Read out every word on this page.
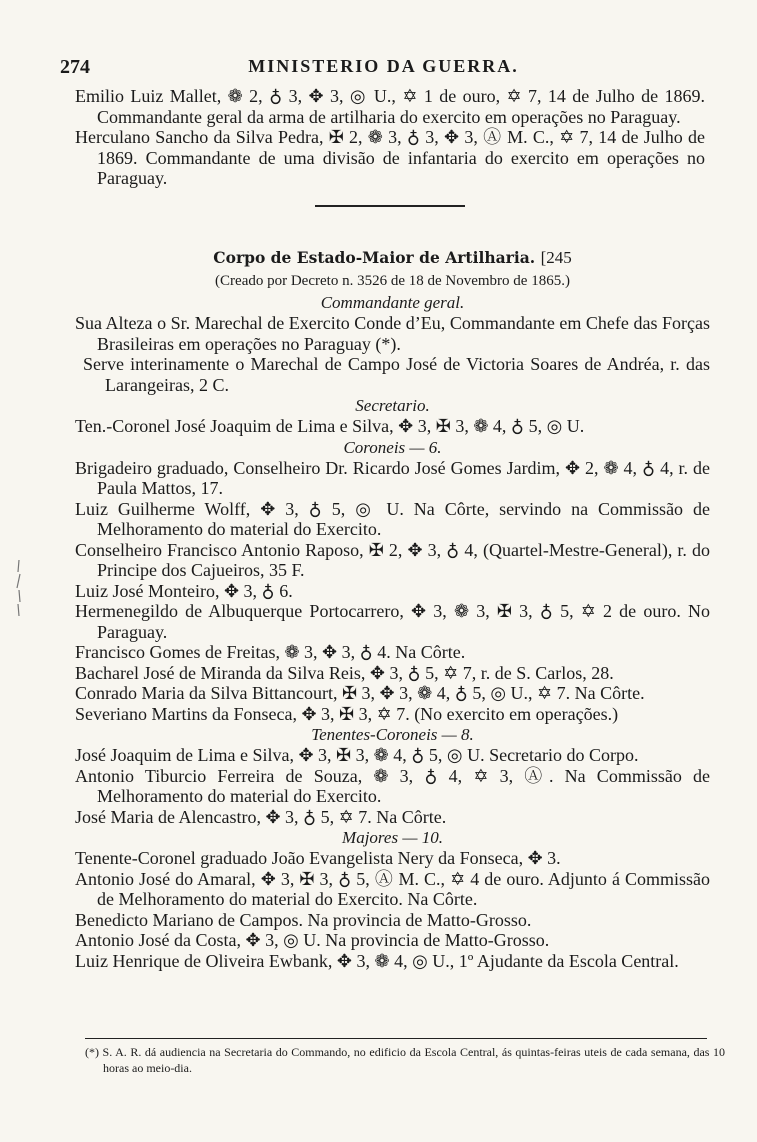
274	MINISTERIO DA GUERRA.
Emilio Luiz Mallet, ❁ 2, ♁ 3, ✥ 3, ◎ U., ✡ 1 de ouro, ✡ 7, 14 de Julho de 1869. Commandante geral da arma de artilharia do exercito em operações no Paraguay.
Herculano Sancho da Silva Pedra, ✠ 2, ❁ 3, ♁ 3, ✥ 3, Ⓐ M. C., ✡ 7, 14 de Julho de 1869. Commandante de uma divisão de infantaria do exercito em operações no Paraguay.
Corpo de Estado-Maior de Artilharia. [245
(Creado por Decreto n. 3526 de 18 de Novembro de 1865.)
Commandante geral.
Sua Alteza o Sr. Marechal de Exercito Conde d’Eu, Commandante em Chefe das Forças Brasileiras em operações no Paraguay (*).
Serve interinamente o Marechal de Campo José de Victoria Soares de Andréa, r. das Larangeiras, 2 C.
Secretario.
Ten.-Coronel José Joaquim de Lima e Silva, ✥ 3, ✠ 3, ❁ 4, ♁ 5, ◎ U.
Coroneis — 6.
Brigadeiro graduado, Conselheiro Dr. Ricardo José Gomes Jardim, ✥ 2, ❁ 4, ♁ 4, r. de Paula Mattos, 17.
Luiz Guilherme Wolff, ✥ 3, ♁ 5, ◎ U. Na Côrte, servindo na Commissão de Melhoramento do material do Exercito.
Conselheiro Francisco Antonio Raposo, ✠ 2, ✥ 3, ♁ 4, (Quartel-Mestre-General), r. do Principe dos Cajueiros, 35 F.
Luiz José Monteiro, ✥ 3, ♁ 6.
Hermenegildo de Albuquerque Portocarrero, ✥ 3, ❁ 3, ✠ 3, ♁ 5, ✡ 2 de ouro. No Paraguay.
Francisco Gomes de Freitas, ❁ 3, ✥ 3, ♁ 4. Na Côrte.
Bacharel José de Miranda da Silva Reis, ✥ 3, ♁ 5, ✡ 7, r. de S. Carlos, 28.
Conrado Maria da Silva Bittancourt, ✠ 3, ✥ 3, ❁ 4, ♁ 5, ◎ U., ✡ 7. Na Côrte.
Severiano Martins da Fonseca, ✥ 3, ✠ 3, ✡ 7. (No exercito em operações.)
Tenentes-Coroneis — 8.
José Joaquim de Lima e Silva, ✥ 3, ✠ 3, ❁ 4, ♁ 5, ◎ U. Secretario do Corpo.
Antonio Tiburcio Ferreira de Souza, ❁ 3, ♁ 4, ✡ 3, Ⓐ. Na Commissão de Melhoramento do material do Exercito.
José Maria de Alencastro, ✥ 3, ♁ 5, ✡ 7. Na Côrte.
Majores — 10.
Tenente-Coronel graduado João Evangelista Nery da Fonseca, ✥ 3.
Antonio José do Amaral, ✥ 3, ✠ 3, ♁ 5, Ⓐ M. C., ✡ 4 de ouro. Adjunto á Commissão de Melhoramento do material do Exercito. Na Côrte.
Benedicto Mariano de Campos. Na provincia de Matto-Grosso.
Antonio José da Costa, ✥ 3, ◎ U. Na provincia de Matto-Grosso.
Luiz Henrique de Oliveira Ewbank, ✥ 3, ❁ 4, ◎ U., 1º Ajudante da Escola Central.
(*) S. A. R. dá audiencia na Secretaria do Commando, no edificio da Escola Central, ás quintas-feiras uteis de cada semana, das 10 horas ao meio-dia.
